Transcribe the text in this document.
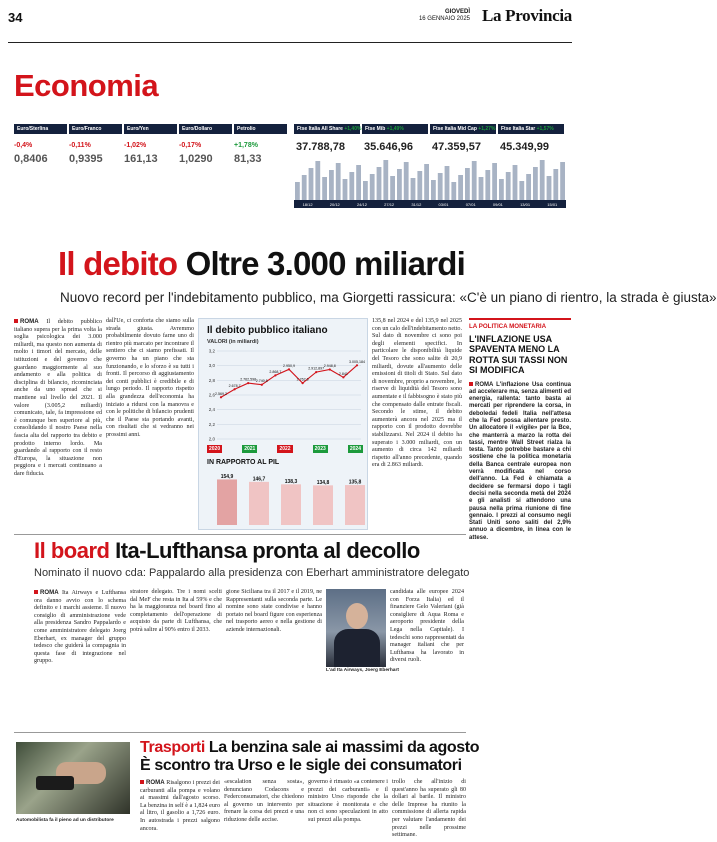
34	GIOVEDÌ
16 GENNAIO 2025 La Provincia
Economia
Euro/Sterlina
-0,4%
0,8406
Euro/Franco
-0,11%
0,9395
Euro/Yen
-1,02%
161,13
Euro/Dollaro
-0,17%
1,0290
Petrolio
+1,78%
81,33
Ftse Italia All Share +1,40%
37.788,78
Ftse Mib +1,49%
35.646,96
Ftse Italia Mid Cap +1,27%
47.359,57
Ftse Italia Star +1,57%
45.349,99
18/12	20/12	24/12	27/12	31/12	03/01	07/01	09/01	13/01	15/01
Il debito Oltre 3.000 miliardi
Nuovo record per l'indebitamento pubblico, ma Giorgetti rassicura: «C'è un piano di rientro, la strada è giusta»
ROMA Il debito pubblico italiano supera per la prima volta la soglia psicologica dei 3.000 miliardi, ma questo non aumenta di molto i timori del mercato, delle istituzioni e del governo che guardano maggiormente al suo andamento e alla politica di disciplina di bilancio, ricominciata anche da uno spread che si mantiene sul livello del 2021. Il valore (3.005,2 miliardi) comunicato, tale, fa impressione ed è comunque ben superiore al più, consolidando il nostro Paese nella fascia alta del rapporto tra debito e prodotto interno lordo. Ma guardando al rapporto con il resto d'Europa, la situazione non peggiora e i mercati continuano a dare fiducia.
dall'Ue, ci conforta che siamo sulla strada giusta. Avremmo probabilmente dovuto farne uno di rientro più marcato per incontrare il sentiero che ci siamo prefissati. Il governo ha un piano che sta funzionando, e lo sforzo è su tutti i fronti. Il percorso di aggiustamento dei conti pubblici è credibile e di lungo periodo. Il rapporto rispetto alla grandezza dell'economia ha iniziato a ridursi con la manovra e con le politiche di bilancio prudenti che il Paese sta portando avanti, con risultati che si vedranno nei prossimi anni.
Il debito pubblico italiano
VALORI (in miliardi)
2,0
2,2
2,4
2,6
2,8
3,0
3,2
2.569,2
2.678,7
2.762,598 2.740,5
2.868,7
2.950,9
2.762,6
2.912,897
2.948,8
2.841
3.005,184
2020	2021	2022	2023	2024
IN RAPPORTO AL PIL
154,9	146,7	138,3	134,8	135,8
135,8 nel 2024 e del 135,9 nel 2025 con un calo dell'indebitamento netto. Sul dato di novembre ci sono poi degli elementi specifici. In particolare le disponibilità liquide del Tesoro che sono salite di 20,9 miliardi, dovute all'aumento delle emissioni di titoli di Stato. Sul dato di novembre, proprio a novembre, le riserve di liquidità del Tesoro sono aumentate e il fabbisogno è stato più che compensato dalle entrate fiscali. Secondo le stime, il debito aumenterà ancora nel 2025 ma il rapporto con il prodotto dovrebbe stabilizzarsi. Nel 2024 il debito ha superato i 3.000 miliardi, con un aumento di circa 142 miliardi rispetto all'anno precedente, quando era di 2.863 miliardi.
LA POLITICA MONETARIA
L'INFLAZIONE USA SPAVENTA MENO LA ROTTA SUI TASSI NON SI MODIFICA
ROMA L'inflazione Usa continua ad accelerare ma, senza alimenti ed energia, rallenta: tanto basta ai mercati per riprendere la corsa, in deboledai fedeli Italia nell'attesa che la Fed possa allentare presto. Un allocatore il «vigile» per la Bce, che manterrà a marzo la rotta dei tassi, mentre Wall Street rialza la testa. Tanto potrebbe bastare a chi sostiene che la politica monetaria della Banca centrale europea non verrà modificata nel corso dell'anno. La Fed è chiamata a decidere se fermarsi dopo i tagli decisi nella seconda metà del 2024 e gli analisti si attendono una pausa nella prima riunione di fine gennaio. I prezzi al consumo negli Stati Uniti sono saliti del 2,9% annuo a dicembre, in linea con le attese.
Il board Ita-Lufthansa pronta al decollo
Nominato il nuovo cda: Pappalardo alla presidenza con Eberhart amministratore delegato
ROMA Ita Airways e Lufthansa ora danno avvio con lo schema definito e i marchi assieme. Il nuovo consiglio di amministrazione vede alla presidenza Sandro Pappalardo e come amministratore delegato Joerg Eberhart, ex manager del gruppo tedesco che guiderà la compagnia in questa fase di integrazione nel gruppo.
stratore delegato. Tre i nomi scelti dal MeF che resta in Ita al 59% e che ha la maggioranza nel board fino al completamento dell'operazione di acquisto da parte di Lufthansa, che potrà salire al 90% entro il 2033.
gione Siciliana tra il 2017 e il 2019, ne Rappresentanti sulla seconda parte. Le nomine sono state condivise e hanno portato nel board figure con esperienza nel trasporto aereo e nella gestione di aziende internazionali.
L'ad Ita Airways, Joerg Eberhart
candidata alle europee 2024 con Forza Italia) ed il finanziere Gelo Valeriani (già consigliere di Aqua Roma e aeroporto presidente della Lega nella Capitale). I tedeschi sono rappresentati da manager italiani che per Lufthansa ha lavorato in diversi ruoli.
Automobilista fa il pieno ad un distributore
Trasporti La benzina sale ai massimi da agosto
È scontro tra Urso e le sigle dei consumatori
ROMA Risalgono i prezzi dei carburanti alla pompa e volano ai massimi dall'agosto scorso. La benzina in self è a 1,824 euro al litro, il gasolio a 1,726 euro. In autostrada i prezzi salgono ancora.
«escalation senza sosta», denunciano Codacons e Federconsumatori, che chiedono al governo un intervento per frenare la corsa dei prezzi e una riduzione delle accise.
governo è rimasto «a contenere i prezzi dei carburanti» e il ministro Urso risponde che la situazione è monitorata e che non ci sono speculazioni in atto sui prezzi alla pompa.
trollo che all'inizio di quest'anno ha superato gli 80 dollari al barile. Il ministro delle Imprese ha riunito la commissione di allerta rapida per valutare l'andamento dei prezzi nelle prossime settimane.
